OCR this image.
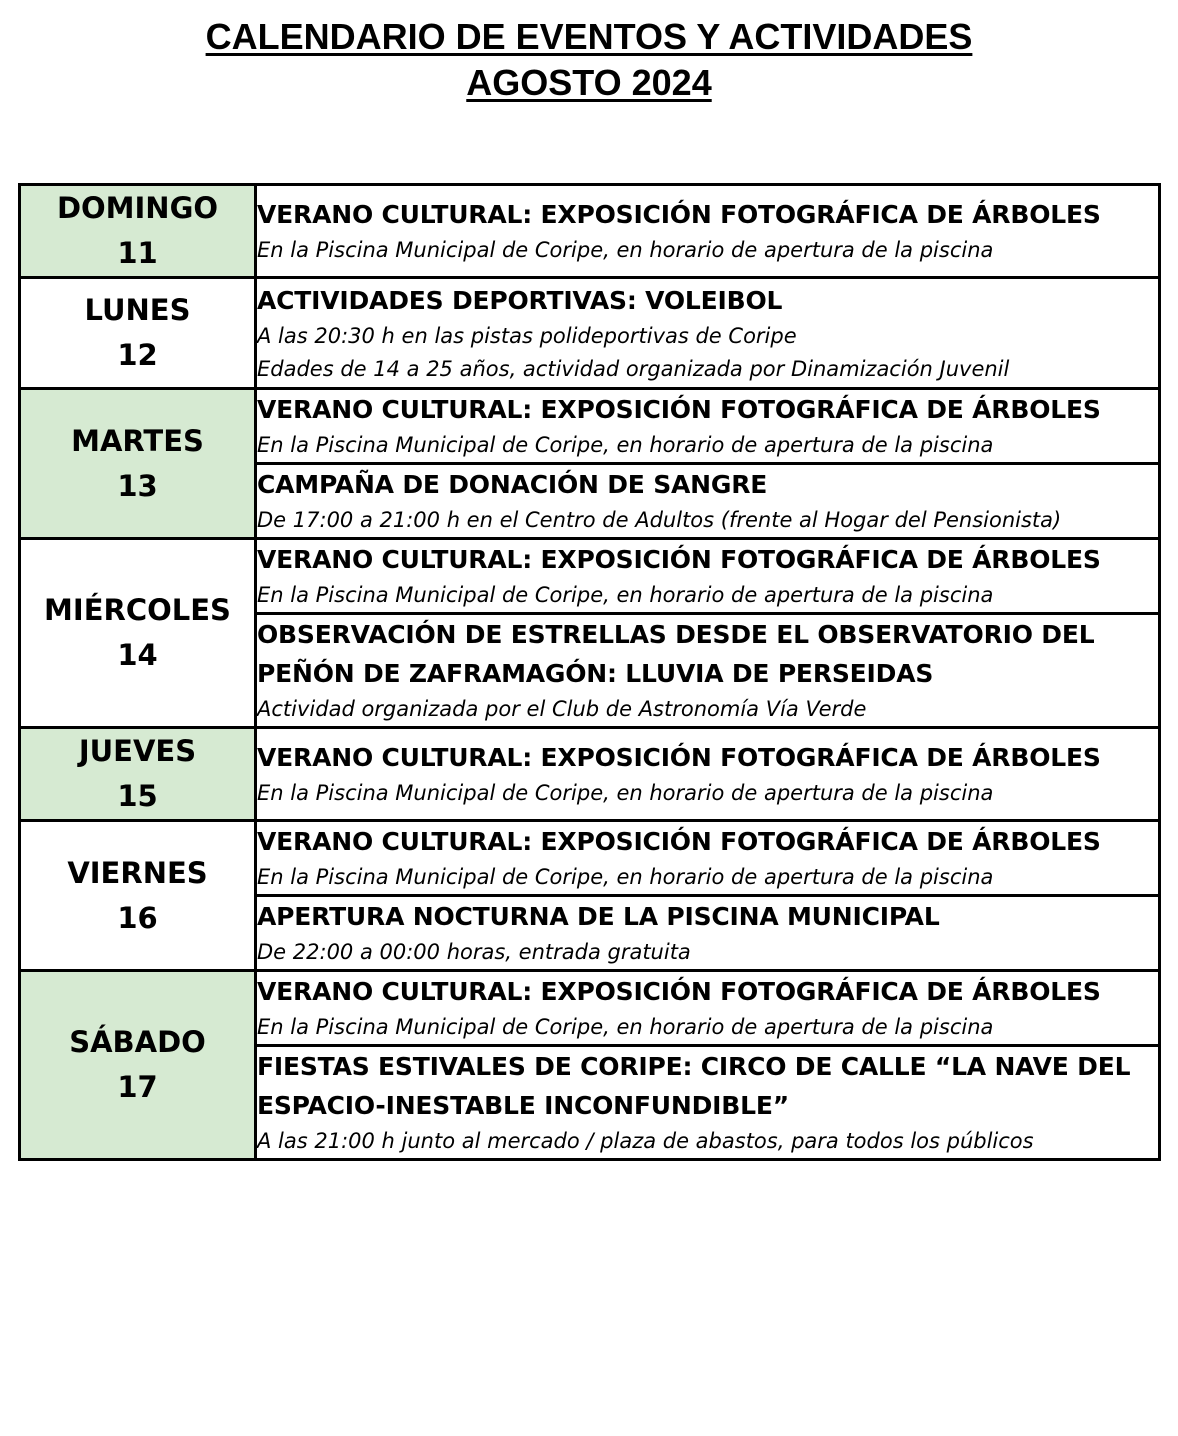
CALENDARIO DE EVENTOS Y ACTIVIDADES
AGOSTO 2024
DOMINGO
11	VERANO CULTURAL: EXPOSICIÓN FOTOGRÁFICA DE ÁRBOLES
En la Piscina Municipal de Coripe, en horario de apertura de la piscina

LUNES
12	ACTIVIDADES DEPORTIVAS: VOLEIBOL
A las 20:30 h en las pistas polideportivas de Coripe
Edades de 14 a 25 años, actividad organizada por Dinamización Juvenil

MARTES
13	VERANO CULTURAL: EXPOSICIÓN FOTOGRÁFICA DE ÁRBOLES
En la Piscina Municipal de Coripe, en horario de apertura de la piscina

	CAMPAÑA DE DONACIÓN DE SANGRE
De 17:00 a 21:00 h en el Centro de Adultos (frente al Hogar del Pensionista)

MIÉRCOLES
14	VERANO CULTURAL: EXPOSICIÓN FOTOGRÁFICA DE ÁRBOLES
En la Piscina Municipal de Coripe, en horario de apertura de la piscina

	OBSERVACIÓN DE ESTRELLAS DESDE EL OBSERVATORIO DEL
PEÑÓN DE ZAFRAMAGÓN: LLUVIA DE PERSEIDAS
Actividad organizada por el Club de Astronomía Vía Verde

JUEVES
15	VERANO CULTURAL: EXPOSICIÓN FOTOGRÁFICA DE ÁRBOLES
En la Piscina Municipal de Coripe, en horario de apertura de la piscina

VIERNES
16	VERANO CULTURAL: EXPOSICIÓN FOTOGRÁFICA DE ÁRBOLES
En la Piscina Municipal de Coripe, en horario de apertura de la piscina

	APERTURA NOCTURNA DE LA PISCINA MUNICIPAL
De 22:00 a 00:00 horas, entrada gratuita

SÁBADO
17	VERANO CULTURAL: EXPOSICIÓN FOTOGRÁFICA DE ÁRBOLES
En la Piscina Municipal de Coripe, en horario de apertura de la piscina

	FIESTAS ESTIVALES DE CORIPE: CIRCO DE CALLE “LA NAVE DEL
ESPACIO-INESTABLE INCONFUNDIBLE”
A las 21:00 h junto al mercado / plaza de abastos, para todos los públicos
